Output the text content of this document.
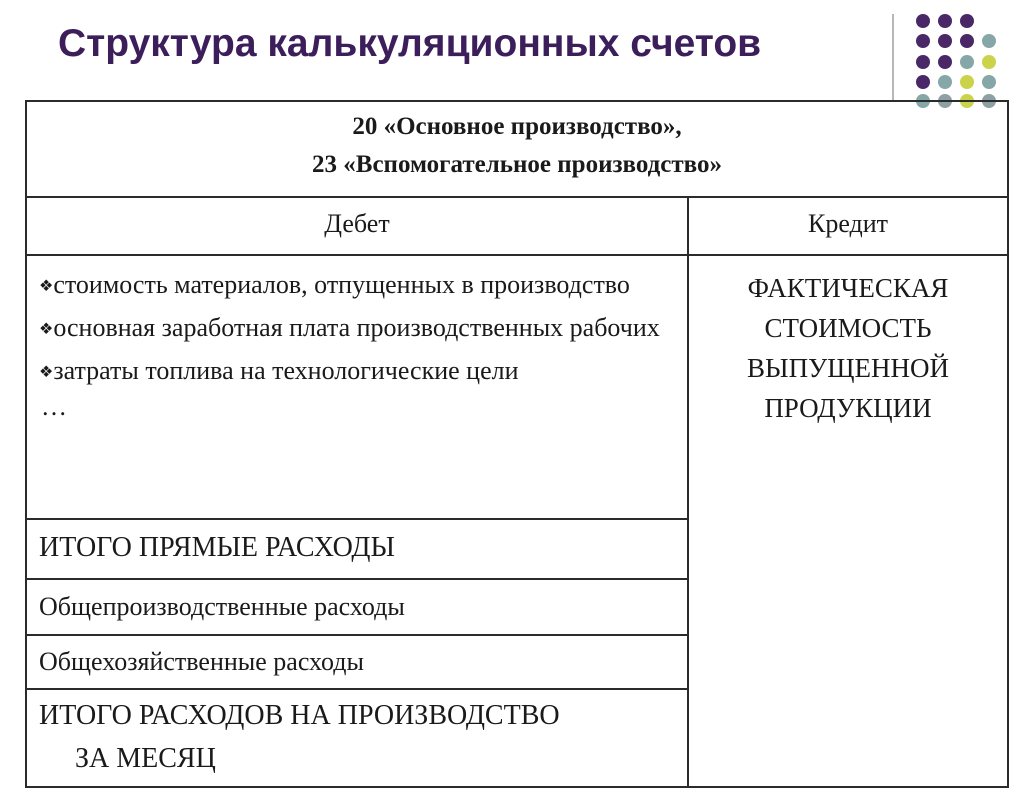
Структура калькуляционных счетов
20 «Основное производство»,
23 «Вспомогательное производство»	
Дебет	Кредит

❖стоимость материалов, отпущенных в производство
❖основная заработная плата производственных рабочих
❖затраты топлива на технологические цели
…	ФАКТИЧЕСКАЯ СТОИМОСТЬ ВЫПУЩЕННОЙ ПРОДУКЦИИ
ИТОГО ПРЯМЫЕ РАСХОДЫ	
Общепроизводственные расходы	
Общехозяйственные расходы	
ИТОГО РАСХОДОВ НА ПРОИЗВОДСТВО
ЗА МЕСЯЦ	
